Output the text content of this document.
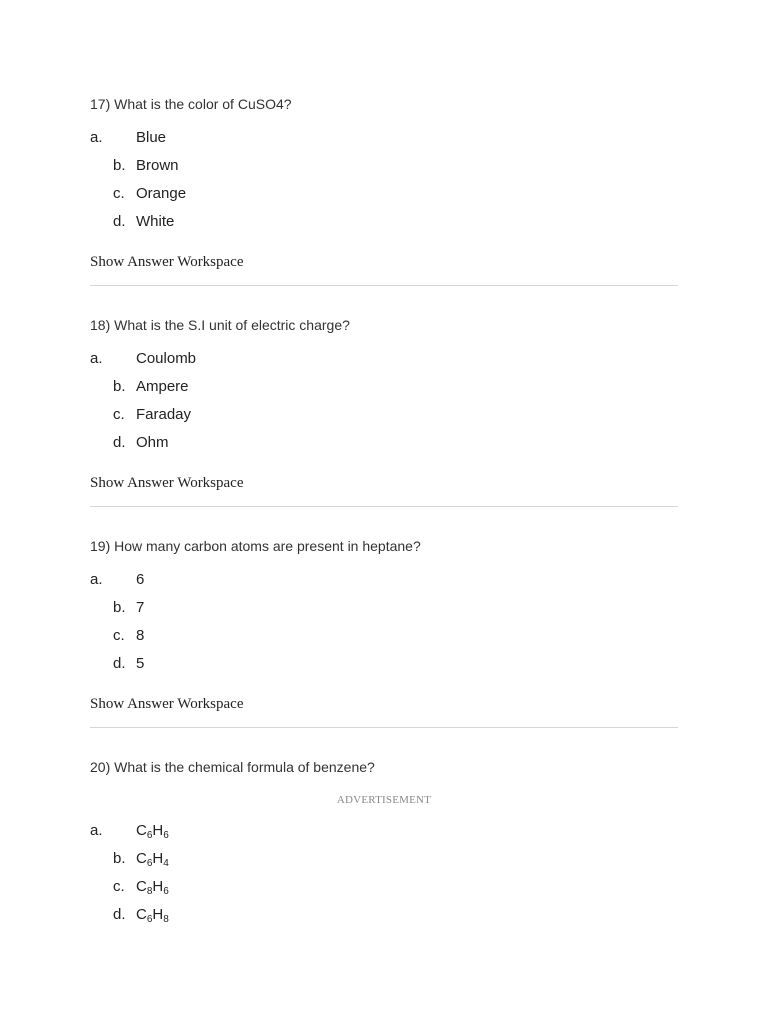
17) What is the color of CuSO4?
a. Blue
b. Brown
c. Orange
d. White
Show Answer Workspace
18) What is the S.I unit of electric charge?
a. Coulomb
b. Ampere
c. Faraday
d. Ohm
Show Answer Workspace
19) How many carbon atoms are present in heptane?
a. 6
b. 7
c. 8
d. 5
Show Answer Workspace
20) What is the chemical formula of benzene?
ADVERTISEMENT
a. $C_6H_6$
b. $C_6H_4$
c. $C_8H_6$
d. $C_6H_8$
